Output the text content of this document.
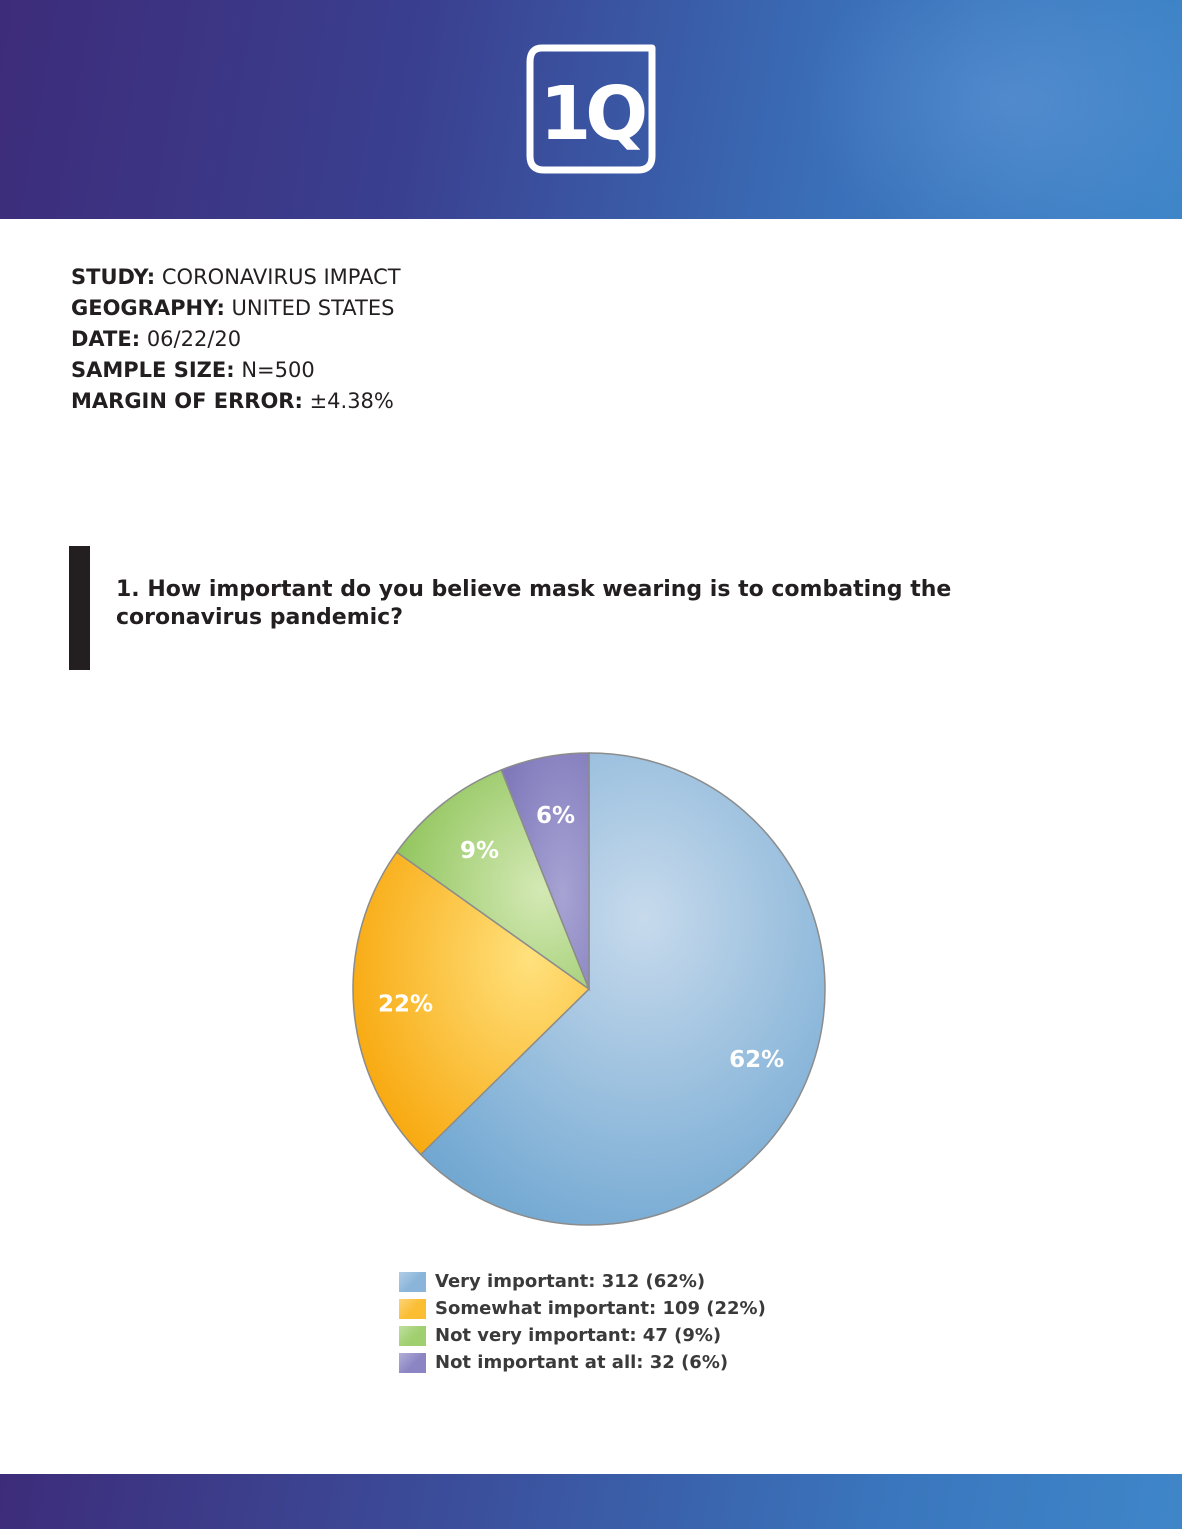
1Q
STUDY: CORONAVIRUS IMPACT
GEOGRAPHY: UNITED STATES
DATE: 06/22/20
SAMPLE SIZE: N=500
MARGIN OF ERROR: ±4.38%
1. How important do you believe mask wearing is to combating the coronavirus pandemic?
62%
22%
9%
6%
Very important: 312 (62%)
Somewhat important: 109 (22%)
Not very important: 47 (9%)
Not important at all: 32 (6%)
